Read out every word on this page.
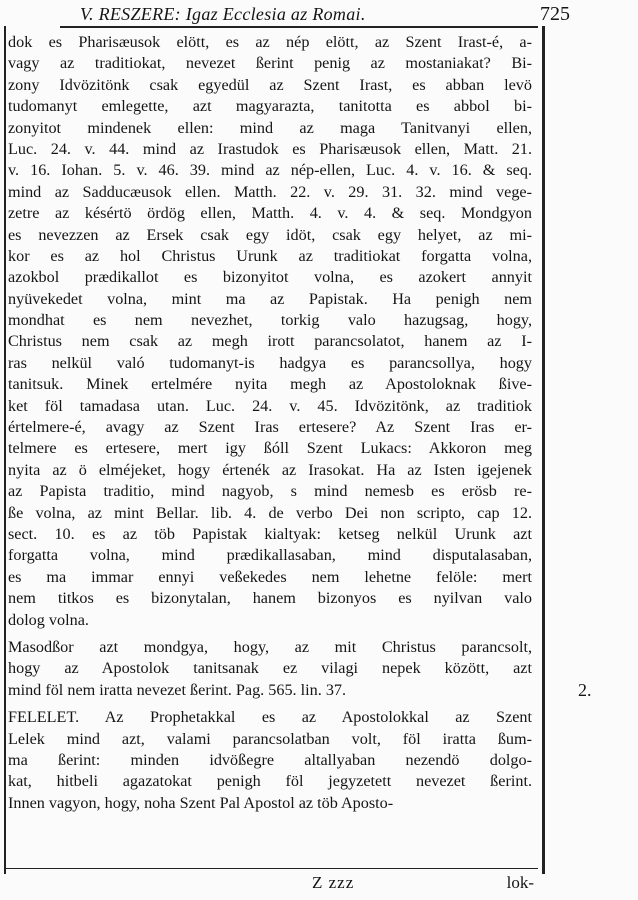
V. RESZERE: Igaz Ecclesia az Romai.	725
dok es Pharisæusok elött, es az nép elött, az Szent Irast-é, a-
vagy az traditiokat, nevezet ßerint penig az mostaniakat? Bi-
zony Idvözitönk csak egyedül az Szent Irast, es abban levö
tudomanyt emlegette, azt magyarazta, tanitotta es abbol bi-
zonyitot mindenek ellen: mind az maga Tanitvanyi ellen,
Luc. 24. v. 44. mind az Irastudok es Pharisæusok ellen, Matt. 21.
v. 16. Iohan. 5. v. 46. 39. mind az nép-ellen, Luc. 4. v. 16. & seq.
mind az Sadducæusok ellen. Matth. 22. v. 29. 31. 32. mind vege-
zetre az késértö ördög ellen, Matth. 4. v. 4. & seq. Mondgyon
es nevezzen az Ersek csak egy idöt, csak egy helyet, az mi-
kor es az hol Christus Urunk az traditiokat forgatta volna,
azokbol prædikallot es bizonyitot volna, es azokert annyit
nyüvekedet volna, mint ma az Papistak. Ha penigh nem
mondhat es nem nevezhet, torkig valo hazugsag, hogy,
Christus nem csak az megh irott parancsolatot, hanem az I-
ras nelkül való tudomanyt-is hadgya es parancsollya, hogy
tanitsuk. Minek ertelmére nyita megh az Apostoloknak ßive-
ket föl tamadasa utan. Luc. 24. v. 45. Idvözitönk, az traditiok
értelmere-é, avagy az Szent Iras ertesere? Az Szent Iras er-
telmere es ertesere, mert igy ßóll Szent Lukacs: Akkoron meg
nyita az ö elméjeket, hogy értenék az Irasokat. Ha az Isten igejenek
az Papista traditio, mind nagyob, s mind nemesb es erösb re-
ße volna, az mint Bellar. lib. 4. de verbo Dei non scripto, cap 12.
sect. 10. es az töb Papistak kialtyak: ketseg nelkül Urunk azt
forgatta volna, mind prædikallasaban, mind disputalasaban,
es ma immar ennyi veßekedes nem lehetne felöle: mert
nem titkos es bizonytalan, hanem bizonyos es nyilvan valo
dolog volna.
Masodßor azt mondgya, hogy, az mit Christus parancsolt,
hogy az Apostolok tanitsanak ez vilagi nepek között, azt
mind föl nem iratta nevezet ßerint. Pag. 565. lin. 37.
FELELET. Az Prophetakkal es az Apostolokkal az Szent
Lelek mind azt, valami parancsolatban volt, föl iratta ßum-
ma ßerint: minden idvößegre altallyaban nezendö dolgo-
kat, hitbeli agazatokat penigh föl jegyzetett nevezet ßerint.
Innen vagyon, hogy, noha Szent Pal Apostol az töb Aposto-
2.
Z zzz	lok-
